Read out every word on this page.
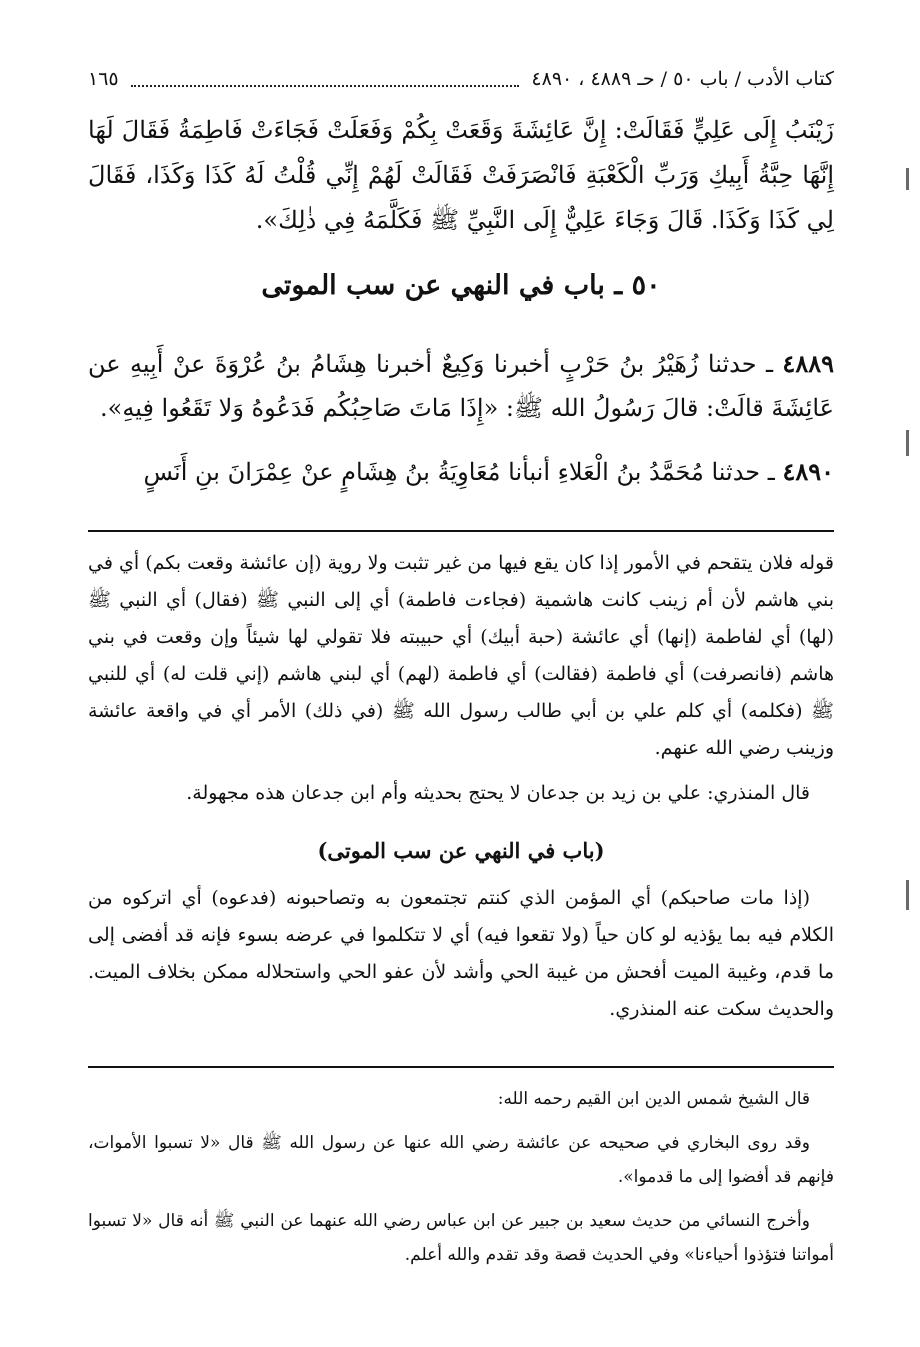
كتاب الأدب / باب ٥٠ / حـ ٤٨٨٩ ، ٤٨٩٠
١٦٥
زَيْنَبُ إِلَى عَلِيٍّ فَقَالَتْ: إِنَّ عَائِشَةَ وَقَعَتْ بِكُمْ وَفَعَلَتْ فَجَاءَتْ فَاطِمَةُ فَقَالَ لَهَا إِنَّهَا حِبَّةُ أَبِيكِ وَرَبِّ الْكَعْبَةِ فَانْصَرَفَتْ فَقَالَتْ لَهُمْ إِنِّي قُلْتُ لَهُ كَذَا وَكَذَا، فَقَالَ لِي كَذَا وَكَذَا. قَالَ وَجَاءَ عَلِيٌّ إِلَى النَّبِيِّ ﷺ فَكَلَّمَهُ فِي ذٰلِكَ».
٥٠ ـ باب في النهي عن سب الموتى
٤٨٨٩ ـ حدثنا زُهَيْرُ بنُ حَرْبٍ أخبرنا وَكِيعٌ أخبرنا هِشَامُ بنُ عُرْوَةَ عنْ أَبِيهِ عن عَائِشَةَ قالَتْ: قالَ رَسُولُ الله ﷺ: «إِذَا مَاتَ صَاحِبُكُم فَدَعُوهُ وَلا تَقَعُوا فِيهِ».
٤٨٩٠ ـ حدثنا مُحَمَّدُ بنُ الْعَلاءِ أنبأنا مُعَاوِيَةُ بنُ هِشَامٍ عنْ عِمْرَانَ بنِ أَنَسٍ

قوله فلان يتقحم في الأمور إذا كان يقع فيها من غير تثبت ولا روية (إن عائشة وقعت بكم) أي في بني هاشم لأن أم زينب كانت هاشمية (فجاءت فاطمة) أي إلى النبي ﷺ (فقال) أي النبي ﷺ (لها) أي لفاطمة (إنها) أي عائشة (حبة أبيك) أي حبيبته فلا تقولي لها شيئاً وإن وقعت في بني هاشم (فانصرفت) أي فاطمة (فقالت) أي فاطمة (لهم) أي لبني هاشم (إني قلت له) أي للنبي ﷺ (فكلمه) أي كلم علي بن أبي طالب رسول الله ﷺ (في ذلك) الأمر أي في واقعة عائشة وزينب رضي الله عنهم.

قال المنذري: علي بن زيد بن جدعان لا يحتج بحديثه وأم ابن جدعان هذه مجهولة.

(باب في النهي عن سب الموتى)

(إذا مات صاحبكم) أي المؤمن الذي كنتم تجتمعون به وتصاحبونه (فدعوه) أي اتركوه من الكلام فيه بما يؤذيه لو كان حياً (ولا تقعوا فيه) أي لا تتكلموا في عرضه بسوء فإنه قد أفضى إلى ما قدم، وغيبة الميت أفحش من غيبة الحي وأشد لأن عفو الحي واستحلاله ممكن بخلاف الميت. والحديث سكت عنه المنذري.

قال الشيخ شمس الدين ابن القيم رحمه الله:

وقد روى البخاري في صحيحه عن عائشة رضي الله عنها عن رسول الله ﷺ قال «لا تسبوا الأموات، فإنهم قد أفضوا إلى ما قدموا».

وأخرج النسائي من حديث سعيد بن جبير عن ابن عباس رضي الله عنهما عن النبي ﷺ أنه قال «لا تسبوا أمواتنا فتؤذوا أحياءنا» وفي الحديث قصة وقد تقدم والله أعلم.
